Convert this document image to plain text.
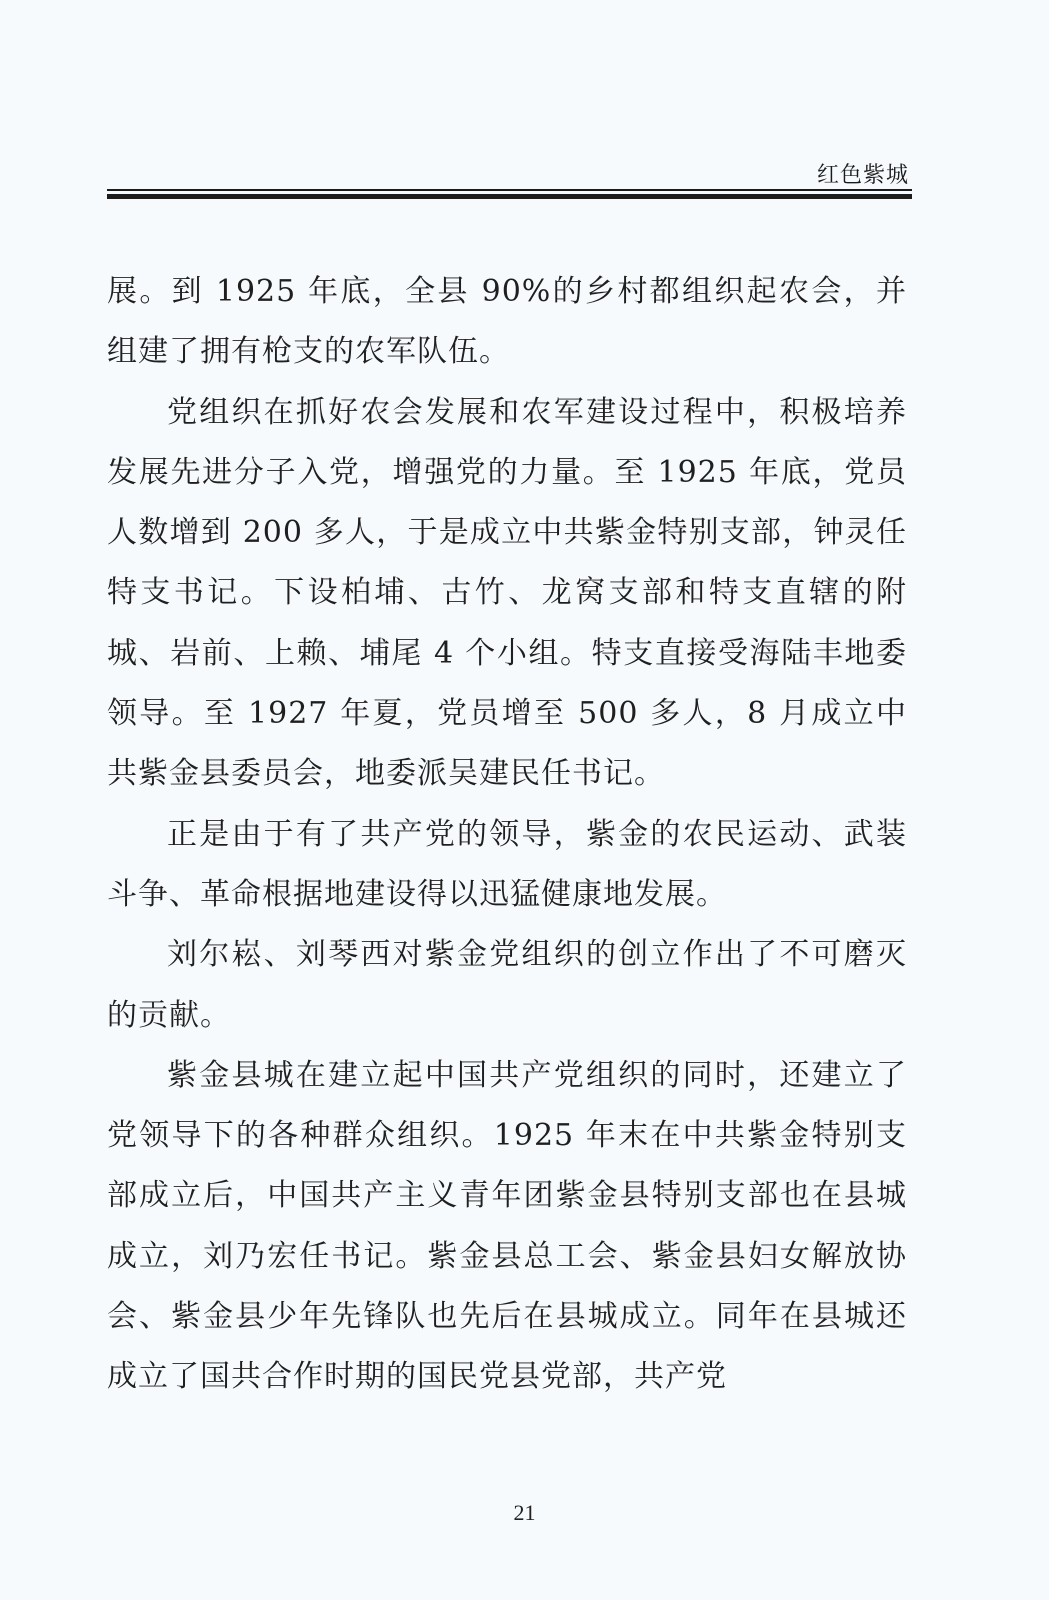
红色紫城

展。到 1925 年底，全县 90%的乡村都组织起农会，并组建了拥有枪支的农军队伍。

党组织在抓好农会发展和农军建设过程中，积极培养发展先进分子入党，增强党的力量。至 1925 年底，党员人数增到 200 多人，于是成立中共紫金特别支部，钟灵任特支书记。下设柏埔、古竹、龙窝支部和特支直辖的附城、岩前、上赖、埔尾 4 个小组。特支直接受海陆丰地委领导。至 1927 年夏，党员增至 500 多人，8 月成立中共紫金县委员会，地委派吴建民任书记。

正是由于有了共产党的领导，紫金的农民运动、武装斗争、革命根据地建设得以迅猛健康地发展。

刘尔崧、刘琴西对紫金党组织的创立作出了不可磨灭的贡献。

紫金县城在建立起中国共产党组织的同时，还建立了党领导下的各种群众组织。1925 年末在中共紫金特别支部成立后，中国共产主义青年团紫金县特别支部也在县城成立，刘乃宏任书记。紫金县总工会、紫金县妇女解放协会、紫金县少年先锋队也先后在县城成立。同年在县城还成立了国共合作时期的国民党县党部，共产党

21
